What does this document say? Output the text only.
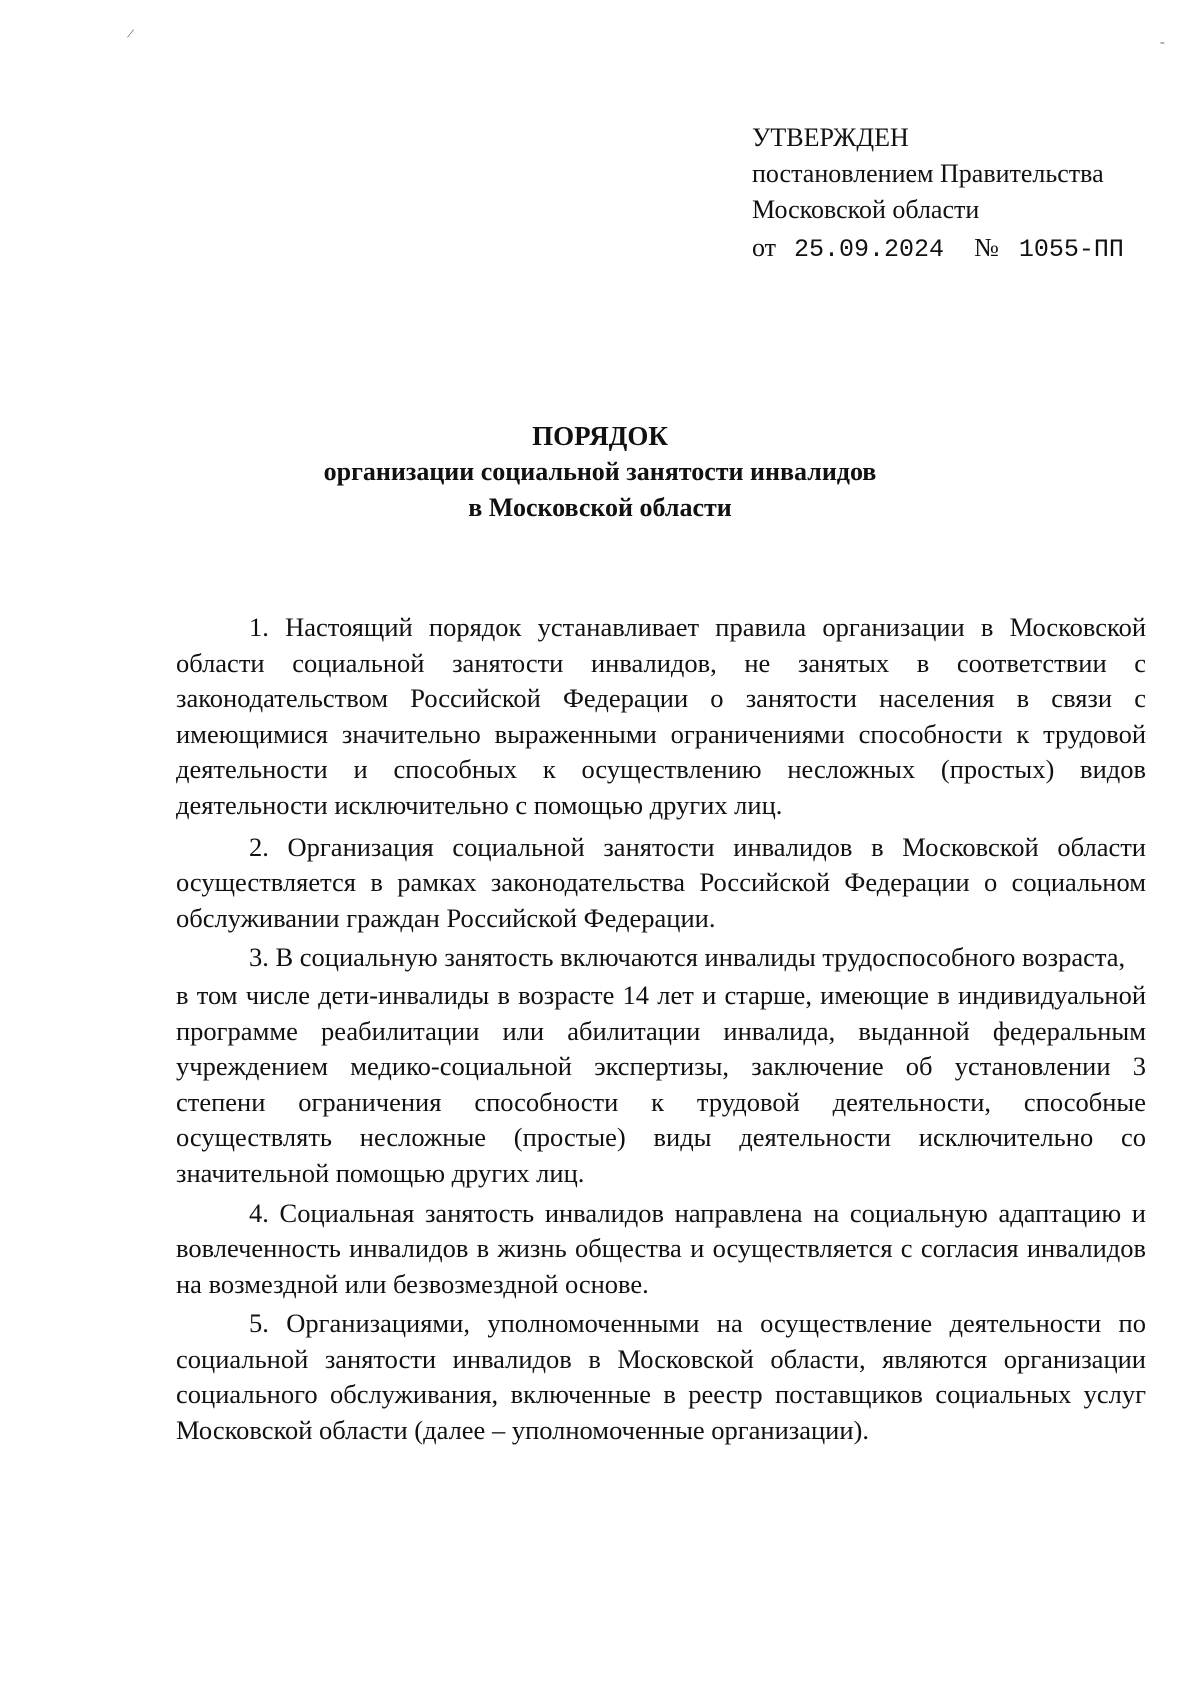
/
-
УТВЕРЖДЕН
постановлением Правительства
Московской области
от 25.09.2024 № 1055-ПП
ПОРЯДОК
организации социальной занятости инвалидов
в Московской области

1. Настоящий порядок устанавливает правила организации в Московской области социальной занятости инвалидов, не занятых в соответствии с законодательством Российской Федерации о занятости населения в связи с имеющимися значительно выраженными ограничениями способности к трудовой деятельности и способных к осуществлению несложных (простых) видов деятельности исключительно с помощью других лиц.

2. Организация социальной занятости инвалидов в Московской области осуществляется в рамках законодательства Российской Федерации о социальном обслуживании граждан Российской Федерации.

3. В социальную занятость включаются инвалиды трудоспособного возраста,

в том числе дети-инвалиды в возрасте 14 лет и старше, имеющие в индивидуальной программе реабилитации или абилитации инвалида, выданной федеральным учреждением медико-социальной экспертизы, заключение об установлении 3 степени ограничения способности к трудовой деятельности, способные осуществлять несложные (простые) виды деятельности исключительно со значительной помощью других лиц.

4. Социальная занятость инвалидов направлена на социальную адаптацию и вовлеченность инвалидов в жизнь общества и осуществляется с согласия инвалидов на возмездной или безвозмездной основе.

5. Организациями, уполномоченными на осуществление деятельности по социальной занятости инвалидов в Московской области, являются организации социального обслуживания, включенные в реестр поставщиков социальных услуг Московской области (далее – уполномоченные организации).
